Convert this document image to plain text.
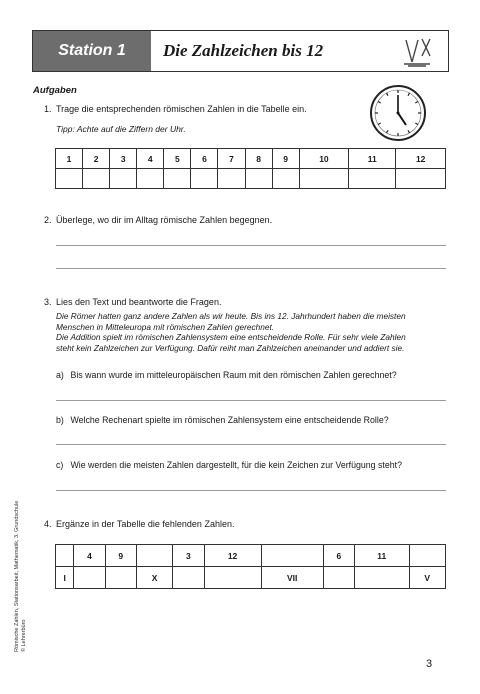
Station 1	Die Zahlzeichen bis 12
Aufgaben
1. Trage die entsprechenden römischen Zahlen in die Tabelle ein.
Tipp: Achte auf die Ziffern der Uhr.
1	2	3	4	5	6	7	8	9	10	11	12

2. Überlege, wo dir im Alltag römische Zahlen begegnen.
3. Lies den Text und beantworte die Fragen.
Die Römer hatten ganz andere Zahlen als wir heute. Bis ins 12. Jahrhundert haben die meisten
Menschen in Mitteleuropa mit römischen Zahlen gerechnet.
Die Addition spielt im römischen Zahlensystem eine entscheidende Rolle. Für sehr viele Zahlen
steht kein Zahlzeichen zur Verfügung. Dafür reiht man Zahlzeichen aneinander und addiert sie.
a) Bis wann wurde im mitteleuropäischen Raum mit den römischen Zahlen gerechnet?
b) Welche Rechenart spielte im römischen Zahlensystem eine entscheidende Rolle?
c) Wie werden die meisten Zahlen dargestellt, für die kein Zeichen zur Verfügung steht?
4. Ergänze in der Tabelle die fehlenden Zahlen.
	4	9		3	12		6	11	
I			X			VII			V
Römische Zahlen, Stationsarbeit, Mathematik, 3. Grundschule © Lehrerbüro
3
